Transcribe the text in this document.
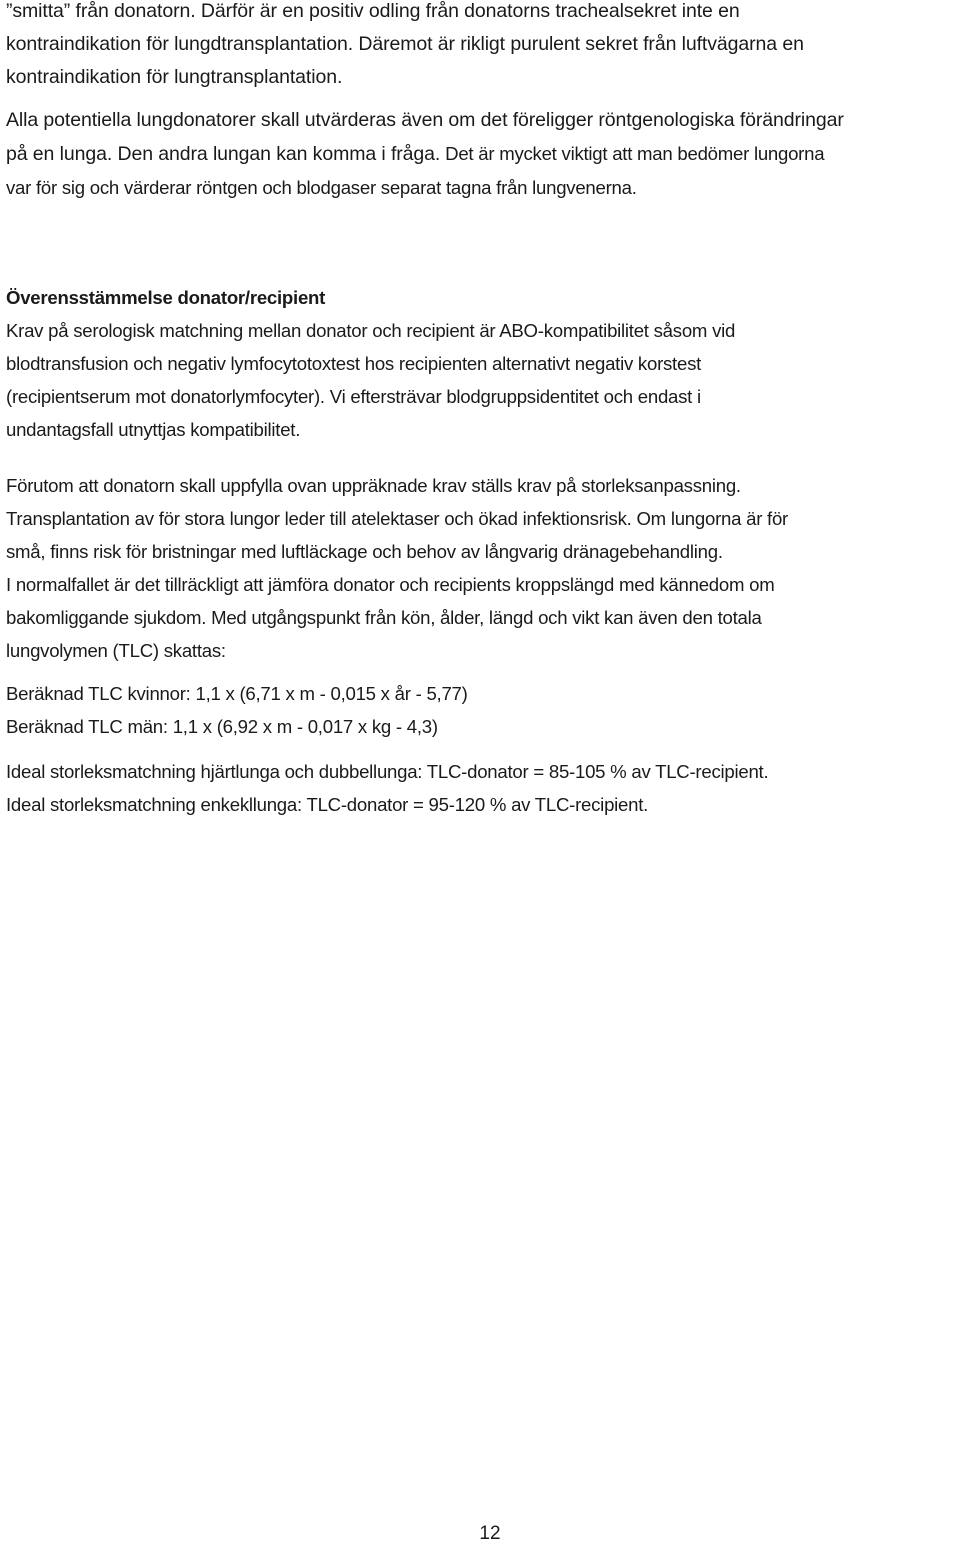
”smitta” från donatorn. Därför är en positiv odling från donatorns trachealsekret inte en
kontraindikation för lungdtransplantation. Däremot är rikligt purulent sekret från luftvägarna en
kontraindikation för lungtransplantation.

Alla potentiella lungdonatorer skall utvärderas även om det föreligger röntgenologiska förändringar
på en lunga. Den andra lungan kan komma i fråga. Det är mycket viktigt att man bedömer lungorna
var för sig och värderar röntgen och blodgaser separat tagna från lungvenerna.

Överensstämmelse donator/recipient
Krav på serologisk matchning mellan donator och recipient är ABO-kompatibilitet såsom vid
blodtransfusion och negativ lymfocytotoxtest hos recipienten alternativt negativ korstest
(recipientserum mot donatorlymfocyter). Vi eftersträvar blodgruppsidentitet och endast i
undantagsfall utnyttjas kompatibilitet.
Förutom att donatorn skall uppfylla ovan uppräknade krav ställs krav på storleksanpassning.
Transplantation av för stora lungor leder till atelektaser och ökad infektionsrisk. Om lungorna är för
små, finns risk för bristningar med luftläckage och behov av långvarig dränagebehandling.
I normalfallet är det tillräckligt att jämföra donator och recipients kroppslängd med kännedom om
bakomliggande sjukdom. Med utgångspunkt från kön, ålder, längd och vikt kan även den totala
lungvolymen (TLC) skattas:
Beräknad TLC kvinnor: 1,1 x (6,71 x m - 0,015 x år - 5,77)
Beräknad TLC män: 1,1 x (6,92 x m - 0,017 x kg - 4,3)
Ideal storleksmatchning hjärtlunga och dubbellunga: TLC-donator = 85-105 % av TLC-recipient.
Ideal storleksmatchning enkekllunga: TLC-donator = 95-120 % av TLC-recipient.
12
